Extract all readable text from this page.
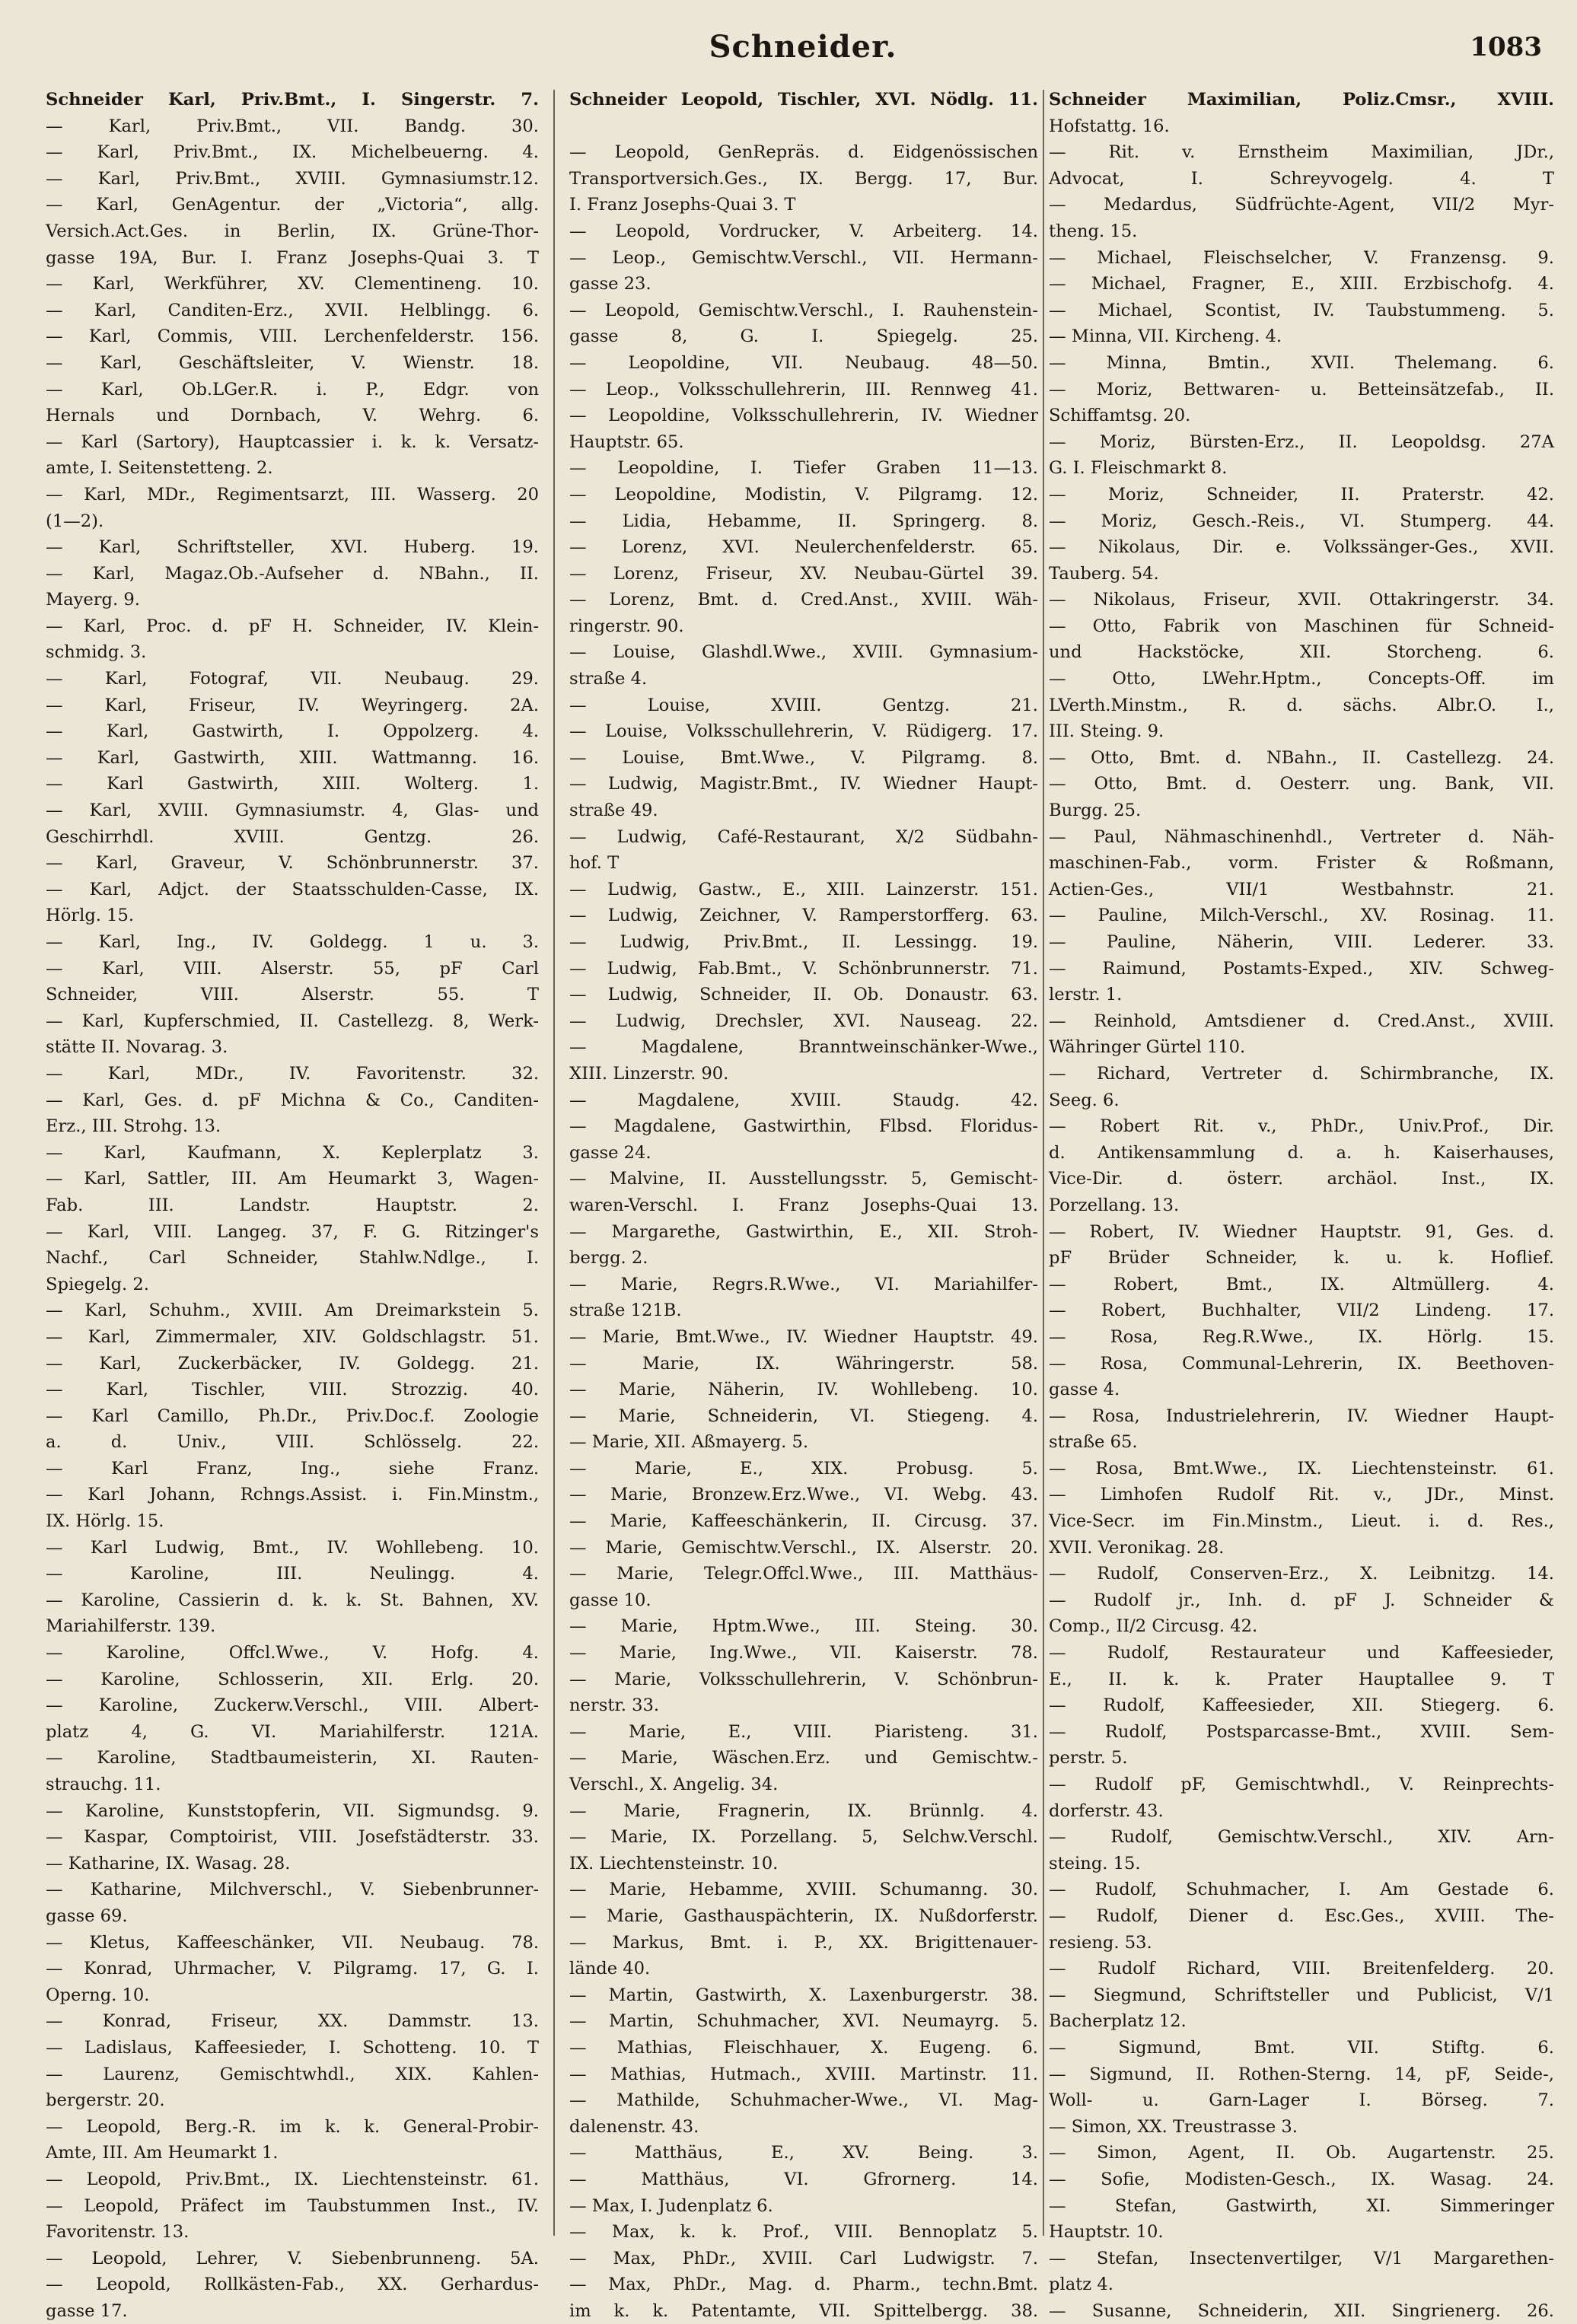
Schneider.	1083
Schneider Karl, Priv.Bmt., I. Singerstr. 7.
— Karl, Priv.Bmt., VII. Bandg. 30.
— Karl, Priv.Bmt., IX. Michelbeuerng. 4.
— Karl, Priv.Bmt., XVIII. Gymnasiumstr.12.
— Karl, GenAgentur. der „Victoria“, allg.
Versich.Act.Ges. in Berlin, IX. Grüne-Thor-
gasse 19A, Bur. I. Franz Josephs-Quai 3. T
— Karl, Werkführer, XV. Clementineng. 10.
— Karl, Canditen-Erz., XVII. Helblingg. 6.
— Karl, Commis, VIII. Lerchenfelderstr. 156.
— Karl, Geschäftsleiter, V. Wienstr. 18.
— Karl, Ob.LGer.R. i. P., Edgr. von
Hernals und Dornbach, V. Wehrg. 6.
— Karl (Sartory), Hauptcassier i. k. k. Versatz-
amte, I. Seitenstetteng. 2.
— Karl, MDr., Regimentsarzt, III. Wasserg. 20
(1—2).
— Karl, Schriftsteller, XVI. Huberg. 19.
— Karl, Magaz.Ob.-Aufseher d. NBahn., II.
Mayerg. 9.
— Karl, Proc. d. pF H. Schneider, IV. Klein-
schmidg. 3.
— Karl, Fotograf, VII. Neubaug. 29.
— Karl, Friseur, IV. Weyringerg. 2A.
— Karl, Gastwirth, I. Oppolzerg. 4.
— Karl, Gastwirth, XIII. Wattmanng. 16.
— Karl Gastwirth, XIII. Wolterg. 1.
— Karl, XVIII. Gymnasiumstr. 4, Glas- und
Geschirrhdl. XVIII. Gentzg. 26.
— Karl, Graveur, V. Schönbrunnerstr. 37.
— Karl, Adjct. der Staatsschulden-Casse, IX.
Hörlg. 15.
— Karl, Ing., IV. Goldegg. 1 u. 3.
— Karl, VIII. Alserstr. 55, pF Carl
Schneider, VIII. Alserstr. 55. T
— Karl, Kupferschmied, II. Castellezg. 8, Werk-
stätte II. Novarag. 3.
— Karl, MDr., IV. Favoritenstr. 32.
— Karl, Ges. d. pF Michna & Co., Canditen-
Erz., III. Strohg. 13.
— Karl, Kaufmann, X. Keplerplatz 3.
— Karl, Sattler, III. Am Heumarkt 3, Wagen-
Fab. III. Landstr. Hauptstr. 2.
— Karl, VIII. Langeg. 37, F. G. Ritzinger's
Nachf., Carl Schneider, Stahlw.Ndlge., I.
Spiegelg. 2.
— Karl, Schuhm., XVIII. Am Dreimarkstein 5.
— Karl, Zimmermaler, XIV. Goldschlagstr. 51.
— Karl, Zuckerbäcker, IV. Goldegg. 21.
— Karl, Tischler, VIII. Strozzig. 40.
— Karl Camillo, Ph.Dr., Priv.Doc.f. Zoologie
a. d. Univ., VIII. Schlösselg. 22.
— Karl Franz, Ing., siehe Franz.
— Karl Johann, Rchngs.Assist. i. Fin.Minstm.,
IX. Hörlg. 15.
— Karl Ludwig, Bmt., IV. Wohllebeng. 10.
— Karoline, III. Neulingg. 4.
— Karoline, Cassierin d. k. k. St. Bahnen, XV.
Mariahilferstr. 139.
— Karoline, Offcl.Wwe., V. Hofg. 4.
— Karoline, Schlosserin, XII. Erlg. 20.
— Karoline, Zuckerw.Verschl., VIII. Albert-
platz 4, G. VI. Mariahilferstr. 121A.
— Karoline, Stadtbaumeisterin, XI. Rauten-
strauchg. 11.
— Karoline, Kunststopferin, VII. Sigmundsg. 9.
— Kaspar, Comptoirist, VIII. Josefstädterstr. 33.
— Katharine, IX. Wasag. 28.
— Katharine, Milchverschl., V. Siebenbrunner-
gasse 69.
— Kletus, Kaffeeschänker, VII. Neubaug. 78.
— Konrad, Uhrmacher, V. Pilgramg. 17, G. I.
Operng. 10.
— Konrad, Friseur, XX. Dammstr. 13.
— Ladislaus, Kaffeesieder, I. Schotteng. 10. T
— Laurenz, Gemischtwhdl., XIX. Kahlen-
bergerstr. 20.
— Leopold, Berg.-R. im k. k. General-Probir-
Amte, III. Am Heumarkt 1.
— Leopold, Priv.Bmt., IX. Liechtensteinstr. 61.
— Leopold, Präfect im Taubstummen Inst., IV.
Favoritenstr. 13.
— Leopold, Lehrer, V. Siebenbrunneng. 5A.
— Leopold, Rollkästen-Fab., XX. Gerhardus-
gasse 17.
Schneider Leopold, Tischler, XVI. Nödlg. 11.

— Leopold, GenRepräs. d. Eidgenössischen
Transportversich.Ges., IX. Bergg. 17, Bur.
I. Franz Josephs-Quai 3. T
— Leopold, Vordrucker, V. Arbeiterg. 14.
— Leop., Gemischtw.Verschl., VII. Hermann-
gasse 23.
— Leopold, Gemischtw.Verschl., I. Rauhenstein-
gasse 8, G. I. Spiegelg. 25.
— Leopoldine, VII. Neubaug. 48—50.
— Leop., Volksschullehrerin, III. Rennweg 41.
— Leopoldine, Volksschullehrerin, IV. Wiedner
Hauptstr. 65.
— Leopoldine, I. Tiefer Graben 11—13.
— Leopoldine, Modistin, V. Pilgramg. 12.
— Lidia, Hebamme, II. Springerg. 8.
— Lorenz, XVI. Neulerchenfelderstr. 65.
— Lorenz, Friseur, XV. Neubau-Gürtel 39.
— Lorenz, Bmt. d. Cred.Anst., XVIII. Wäh-
ringerstr. 90.
— Louise, Glashdl.Wwe., XVIII. Gymnasium-
straße 4.
— Louise, XVIII. Gentzg. 21.
— Louise, Volksschullehrerin, V. Rüdigerg. 17.
— Louise, Bmt.Wwe., V. Pilgramg. 8.
— Ludwig, Magistr.Bmt., IV. Wiedner Haupt-
straße 49.
— Ludwig, Café-Restaurant, X/2 Südbahn-
hof. T
— Ludwig, Gastw., E., XIII. Lainzerstr. 151.
— Ludwig, Zeichner, V. Ramperstorfferg. 63.
— Ludwig, Priv.Bmt., II. Lessingg. 19.
— Ludwig, Fab.Bmt., V. Schönbrunnerstr. 71.
— Ludwig, Schneider, II. Ob. Donaustr. 63.
— Ludwig, Drechsler, XVI. Nauseag. 22.
— Magdalene, Branntweinschänker-Wwe.,
XIII. Linzerstr. 90.
— Magdalene, XVIII. Staudg. 42.
— Magdalene, Gastwirthin, Flbsd. Floridus-
gasse 24.
— Malvine, II. Ausstellungsstr. 5, Gemischt-
waren-Verschl. I. Franz Josephs-Quai 13.
— Margarethe, Gastwirthin, E., XII. Stroh-
bergg. 2.
— Marie, Regrs.R.Wwe., VI. Mariahilfer-
straße 121B.
— Marie, Bmt.Wwe., IV. Wiedner Hauptstr. 49.
— Marie, IX. Währingerstr. 58.
— Marie, Näherin, IV. Wohllebeng. 10.
— Marie, Schneiderin, VI. Stiegeng. 4.
— Marie, XII. Aßmayerg. 5.
— Marie, E., XIX. Probusg. 5.
— Marie, Bronzew.Erz.Wwe., VI. Webg. 43.
— Marie, Kaffeeschänkerin, II. Circusg. 37.
— Marie, Gemischtw.Verschl., IX. Alserstr. 20.
— Marie, Telegr.Offcl.Wwe., III. Matthäus-
gasse 10.
— Marie, Hptm.Wwe., III. Steing. 30.
— Marie, Ing.Wwe., VII. Kaiserstr. 78.
— Marie, Volksschullehrerin, V. Schönbrun-
nerstr. 33.
— Marie, E., VIII. Piaristeng. 31.
— Marie, Wäschen.Erz. und Gemischtw.-
Verschl., X. Angelig. 34.
— Marie, Fragnerin, IX. Brünnlg. 4.
— Marie, IX. Porzellang. 5, Selchw.Verschl.
IX. Liechtensteinstr. 10.
— Marie, Hebamme, XVIII. Schumanng. 30.
— Marie, Gasthauspächterin, IX. Nußdorferstr.
— Markus, Bmt. i. P., XX. Brigittenauer-
lände 40.
— Martin, Gastwirth, X. Laxenburgerstr. 38.
— Martin, Schuhmacher, XVI. Neumayrg. 5.
— Mathias, Fleischhauer, X. Eugeng. 6.
— Mathias, Hutmach., XVIII. Martinstr. 11.
— Mathilde, Schuhmacher-Wwe., VI. Mag-
dalenenstr. 43.
— Matthäus, E., XV. Being. 3.
— Matthäus, VI. Gfrornerg. 14.
— Max, I. Judenplatz 6.
— Max, k. k. Prof., VIII. Bennoplatz 5.
— Max, PhDr., XVIII. Carl Ludwigstr. 7.
— Max, PhDr., Mag. d. Pharm., techn.Bmt.
im k. k. Patentamte, VII. Spittelbergg. 38.
Schneider Maximilian, Poliz.Cmsr., XVIII.
Hofstattg. 16.
— Rit. v. Ernstheim Maximilian, JDr.,
Advocat, I. Schreyvogelg. 4. T
— Medardus, Südfrüchte-Agent, VII/2 Myr-
theng. 15.
— Michael, Fleischselcher, V. Franzensg. 9.
— Michael, Fragner, E., XIII. Erzbischofg. 4.
— Michael, Scontist, IV. Taubstummeng. 5.
— Minna, VII. Kircheng. 4.
— Minna, Bmtin., XVII. Thelemang. 6.
— Moriz, Bettwaren- u. Betteinsätzefab., II.
Schiffamtsg. 20.
— Moriz, Bürsten-Erz., II. Leopoldsg. 27A
G. I. Fleischmarkt 8.
— Moriz, Schneider, II. Praterstr. 42.
— Moriz, Gesch.-Reis., VI. Stumperg. 44.
— Nikolaus, Dir. e. Volkssänger-Ges., XVII.
Tauberg. 54.
— Nikolaus, Friseur, XVII. Ottakringerstr. 34.
— Otto, Fabrik von Maschinen für Schneid-
und Hackstöcke, XII. Storcheng. 6.
— Otto, LWehr.Hptm., Concepts-Off. im
LVerth.Minstm., R. d. sächs. Albr.O. I.,
III. Steing. 9.
— Otto, Bmt. d. NBahn., II. Castellezg. 24.
— Otto, Bmt. d. Oesterr. ung. Bank, VII.
Burgg. 25.
— Paul, Nähmaschinenhdl., Vertreter d. Näh-
maschinen-Fab., vorm. Frister & Roßmann,
Actien-Ges., VII/1 Westbahnstr. 21.
— Pauline, Milch-Verschl., XV. Rosinag. 11.
— Pauline, Näherin, VIII. Lederer. 33.
— Raimund, Postamts-Exped., XIV. Schweg-
lerstr. 1.
— Reinhold, Amtsdiener d. Cred.Anst., XVIII.
Währinger Gürtel 110.
— Richard, Vertreter d. Schirmbranche, IX.
Seeg. 6.
— Robert Rit. v., PhDr., Univ.Prof., Dir.
d. Antikensammlung d. a. h. Kaiserhauses,
Vice-Dir. d. österr. archäol. Inst., IX.
Porzellang. 13.
— Robert, IV. Wiedner Hauptstr. 91, Ges. d.
pF Brüder Schneider, k. u. k. Hoflief.
— Robert, Bmt., IX. Altmüllerg. 4.
— Robert, Buchhalter, VII/2 Lindeng. 17.
— Rosa, Reg.R.Wwe., IX. Hörlg. 15.
— Rosa, Communal-Lehrerin, IX. Beethoven-
gasse 4.
— Rosa, Industrielehrerin, IV. Wiedner Haupt-
straße 65.
— Rosa, Bmt.Wwe., IX. Liechtensteinstr. 61.
— Limhofen Rudolf Rit. v., JDr., Minst.
Vice-Secr. im Fin.Minstm., Lieut. i. d. Res.,
XVII. Veronikag. 28.
— Rudolf, Conserven-Erz., X. Leibnitzg. 14.
— Rudolf jr., Inh. d. pF J. Schneider &
Comp., II/2 Circusg. 42.
— Rudolf, Restaurateur und Kaffeesieder,
E., II. k. k. Prater Hauptallee 9. T
— Rudolf, Kaffeesieder, XII. Stiegerg. 6.
— Rudolf, Postsparcasse-Bmt., XVIII. Sem-
perstr. 5.
— Rudolf pF, Gemischtwhdl., V. Reinprechts-
dorferstr. 43.
— Rudolf, Gemischtw.Verschl., XIV. Arn-
steing. 15.
— Rudolf, Schuhmacher, I. Am Gestade 6.
— Rudolf, Diener d. Esc.Ges., XVIII. The-
resieng. 53.
— Rudolf Richard, VIII. Breitenfelderg. 20.
— Siegmund, Schriftsteller und Publicist, V/1
Bacherplatz 12.
— Sigmund, Bmt. VII. Stiftg. 6.
— Sigmund, II. Rothen-Sterng. 14, pF, Seide-,
Woll- u. Garn-Lager I. Börseg. 7.
— Simon, XX. Treustrasse 3.
— Simon, Agent, II. Ob. Augartenstr. 25.
— Sofie, Modisten-Gesch., IX. Wasag. 24.
— Stefan, Gastwirth, XI. Simmeringer
Hauptstr. 10.
— Stefan, Insectenvertilger, V/1 Margarethen-
platz 4.
— Susanne, Schneiderin, XII. Singrienerg. 26.
